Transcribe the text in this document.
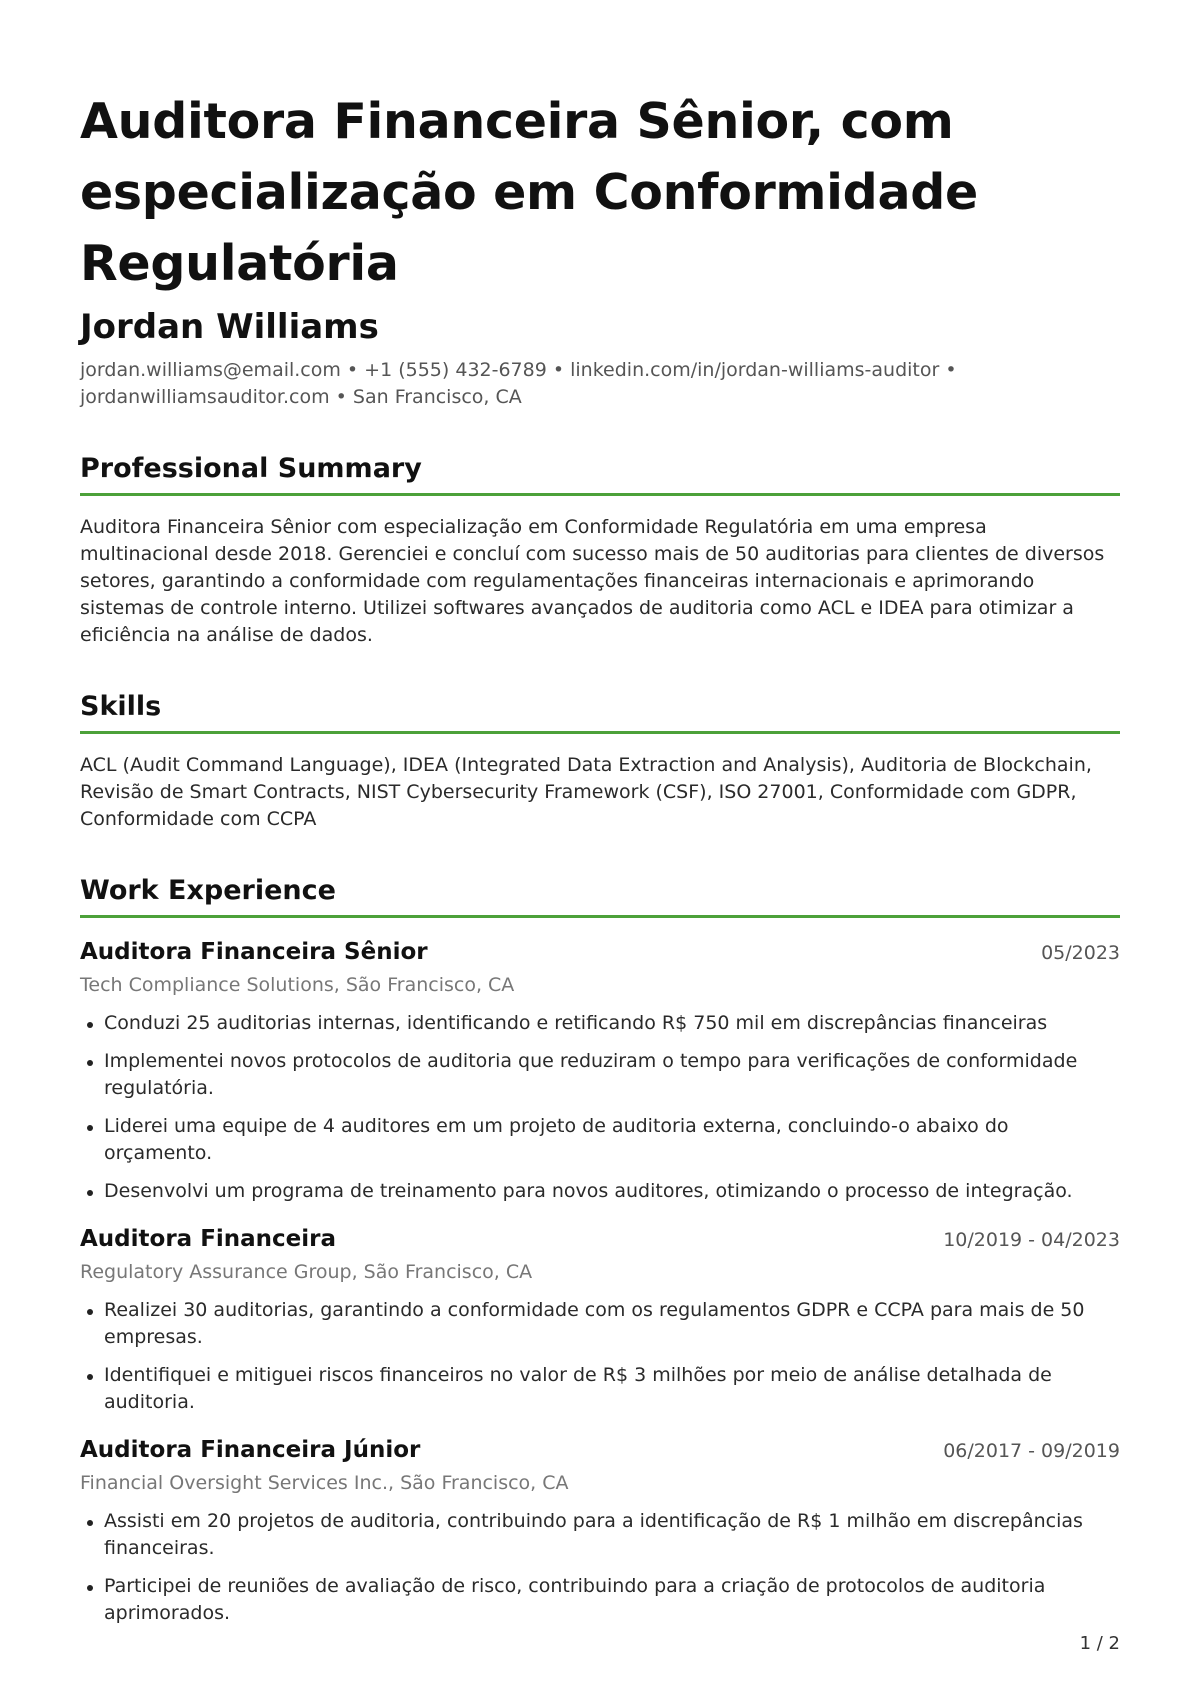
Auditora Financeira Sênior, com especialização em Conformidade Regulatória
Jordan Williams
jordan.williams@email.com • +1 (555) 432-6789 • linkedin.com/in/jordan-williams-auditor • jordanwilliamsauditor.com • San Francisco, CA
Professional Summary
Auditora Financeira Sênior com especialização em Conformidade Regulatória em uma empresa multinacional desde 2018. Gerenciei e concluí com sucesso mais de 50 auditorias para clientes de diversos setores, garantindo a conformidade com regulamentações financeiras internacionais e aprimorando sistemas de controle interno. Utilizei softwares avançados de auditoria como ACL e IDEA para otimizar a eficiência na análise de dados.
Skills
ACL (Audit Command Language), IDEA (Integrated Data Extraction and Analysis), Auditoria de Blockchain, Revisão de Smart Contracts, NIST Cybersecurity Framework (CSF), ISO 27001, Conformidade com GDPR, Conformidade com CCPA
Work Experience
Auditora Financeira Sênior	05/2023
Tech Compliance Solutions, São Francisco, CA
Conduzi 25 auditorias internas, identificando e retificando R$ 750 mil em discrepâncias financeiras
Implementei novos protocolos de auditoria que reduziram o tempo para verificações de conformidade regulatória.
Liderei uma equipe de 4 auditores em um projeto de auditoria externa, concluindo-o abaixo do orçamento.
Desenvolvi um programa de treinamento para novos auditores, otimizando o processo de integração.
Auditora Financeira	10/2019 - 04/2023
Regulatory Assurance Group, São Francisco, CA
Realizei 30 auditorias, garantindo a conformidade com os regulamentos GDPR e CCPA para mais de 50 empresas.
Identifiquei e mitiguei riscos financeiros no valor de R$ 3 milhões por meio de análise detalhada de auditoria.
Auditora Financeira Júnior	06/2017 - 09/2019
Financial Oversight Services Inc., São Francisco, CA
Assisti em 20 projetos de auditoria, contribuindo para a identificação de R$ 1 milhão em discrepâncias financeiras.
Participei de reuniões de avaliação de risco, contribuindo para a criação de protocolos de auditoria aprimorados.
1 / 2
